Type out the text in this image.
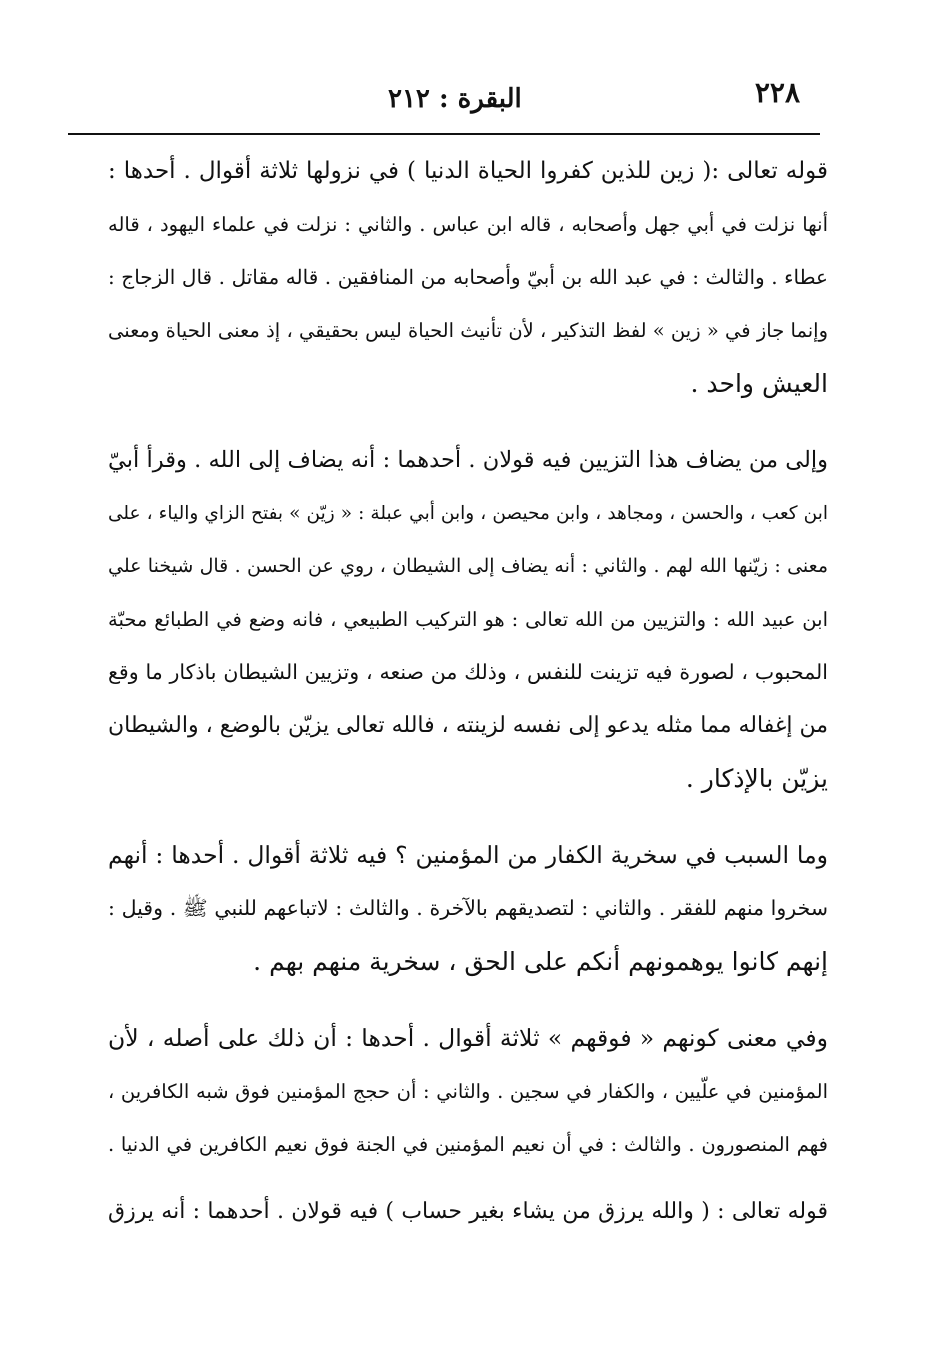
٢٢٨
البقرة : ٢١٢
قوله تعالى :( زين للذين كفروا الحياة الدنيا ) في نزولها ثلاثة أقوال . أحدها :
أنها نزلت في أبي جهل وأصحابه ، قاله ابن عباس . والثاني : نزلت في علماء اليهود ، قاله
عطاء . والثالث : في عبد الله بن أبيّ وأصحابه من المنافقين . قاله مقاتل . قال الزجاج :
وإنما جاز في « زين » لفظ التذكير ، لأن تأنيث الحياة ليس بحقيقي ، إذ معنى الحياة ومعنى
العيش واحد .
وإلى من يضاف هذا التزيين فيه قولان . أحدهما : أنه يضاف إلى الله . وقرأ أبيّ
ابن كعب ، والحسن ، ومجاهد ، وابن محيصن ، وابن أبي عبلة : « زيّن » بفتح الزاي والياء ، على
معنى : زيّنها الله لهم . والثاني : أنه يضاف إلى الشيطان ، روي عن الحسن . قال شيخنا علي
ابن عبيد الله : والتزيين من الله تعالى : هو التركيب الطبيعي ، فانه وضع في الطبائع محبّة
المحبوب ، لصورة فيه تزينت للنفس ، وذلك من صنعه ، وتزيين الشيطان باذكار ما وقع
من إغفاله مما مثله يدعو إلى نفسه لزينته ، فالله تعالى يزيّن بالوضع ، والشيطان
يزيّن بالإذكار .
وما السبب في سخرية الكفار من المؤمنين ؟ فيه ثلاثة أقوال . أحدها : أنهم
سخروا منهم للفقر . والثاني : لتصديقهم بالآخرة . والثالث : لاتباعهم للنبي ﷺ . وقيل :
إنهم كانوا يوهمونهم أنكم على الحق ، سخرية منهم بهم .
وفي معنى كونهم « فوقهم » ثلاثة أقوال . أحدها : أن ذلك على أصله ، لأن
المؤمنين في علّيين ، والكفار في سجين . والثاني : أن حجج المؤمنين فوق شبه الكافرين ،
فهم المنصورون . والثالث : في أن نعيم المؤمنين في الجنة فوق نعيم الكافرين في الدنيا .
قوله تعالى : ( والله يرزق من يشاء بغير حساب ) فيه قولان . أحدهما : أنه يرزق
